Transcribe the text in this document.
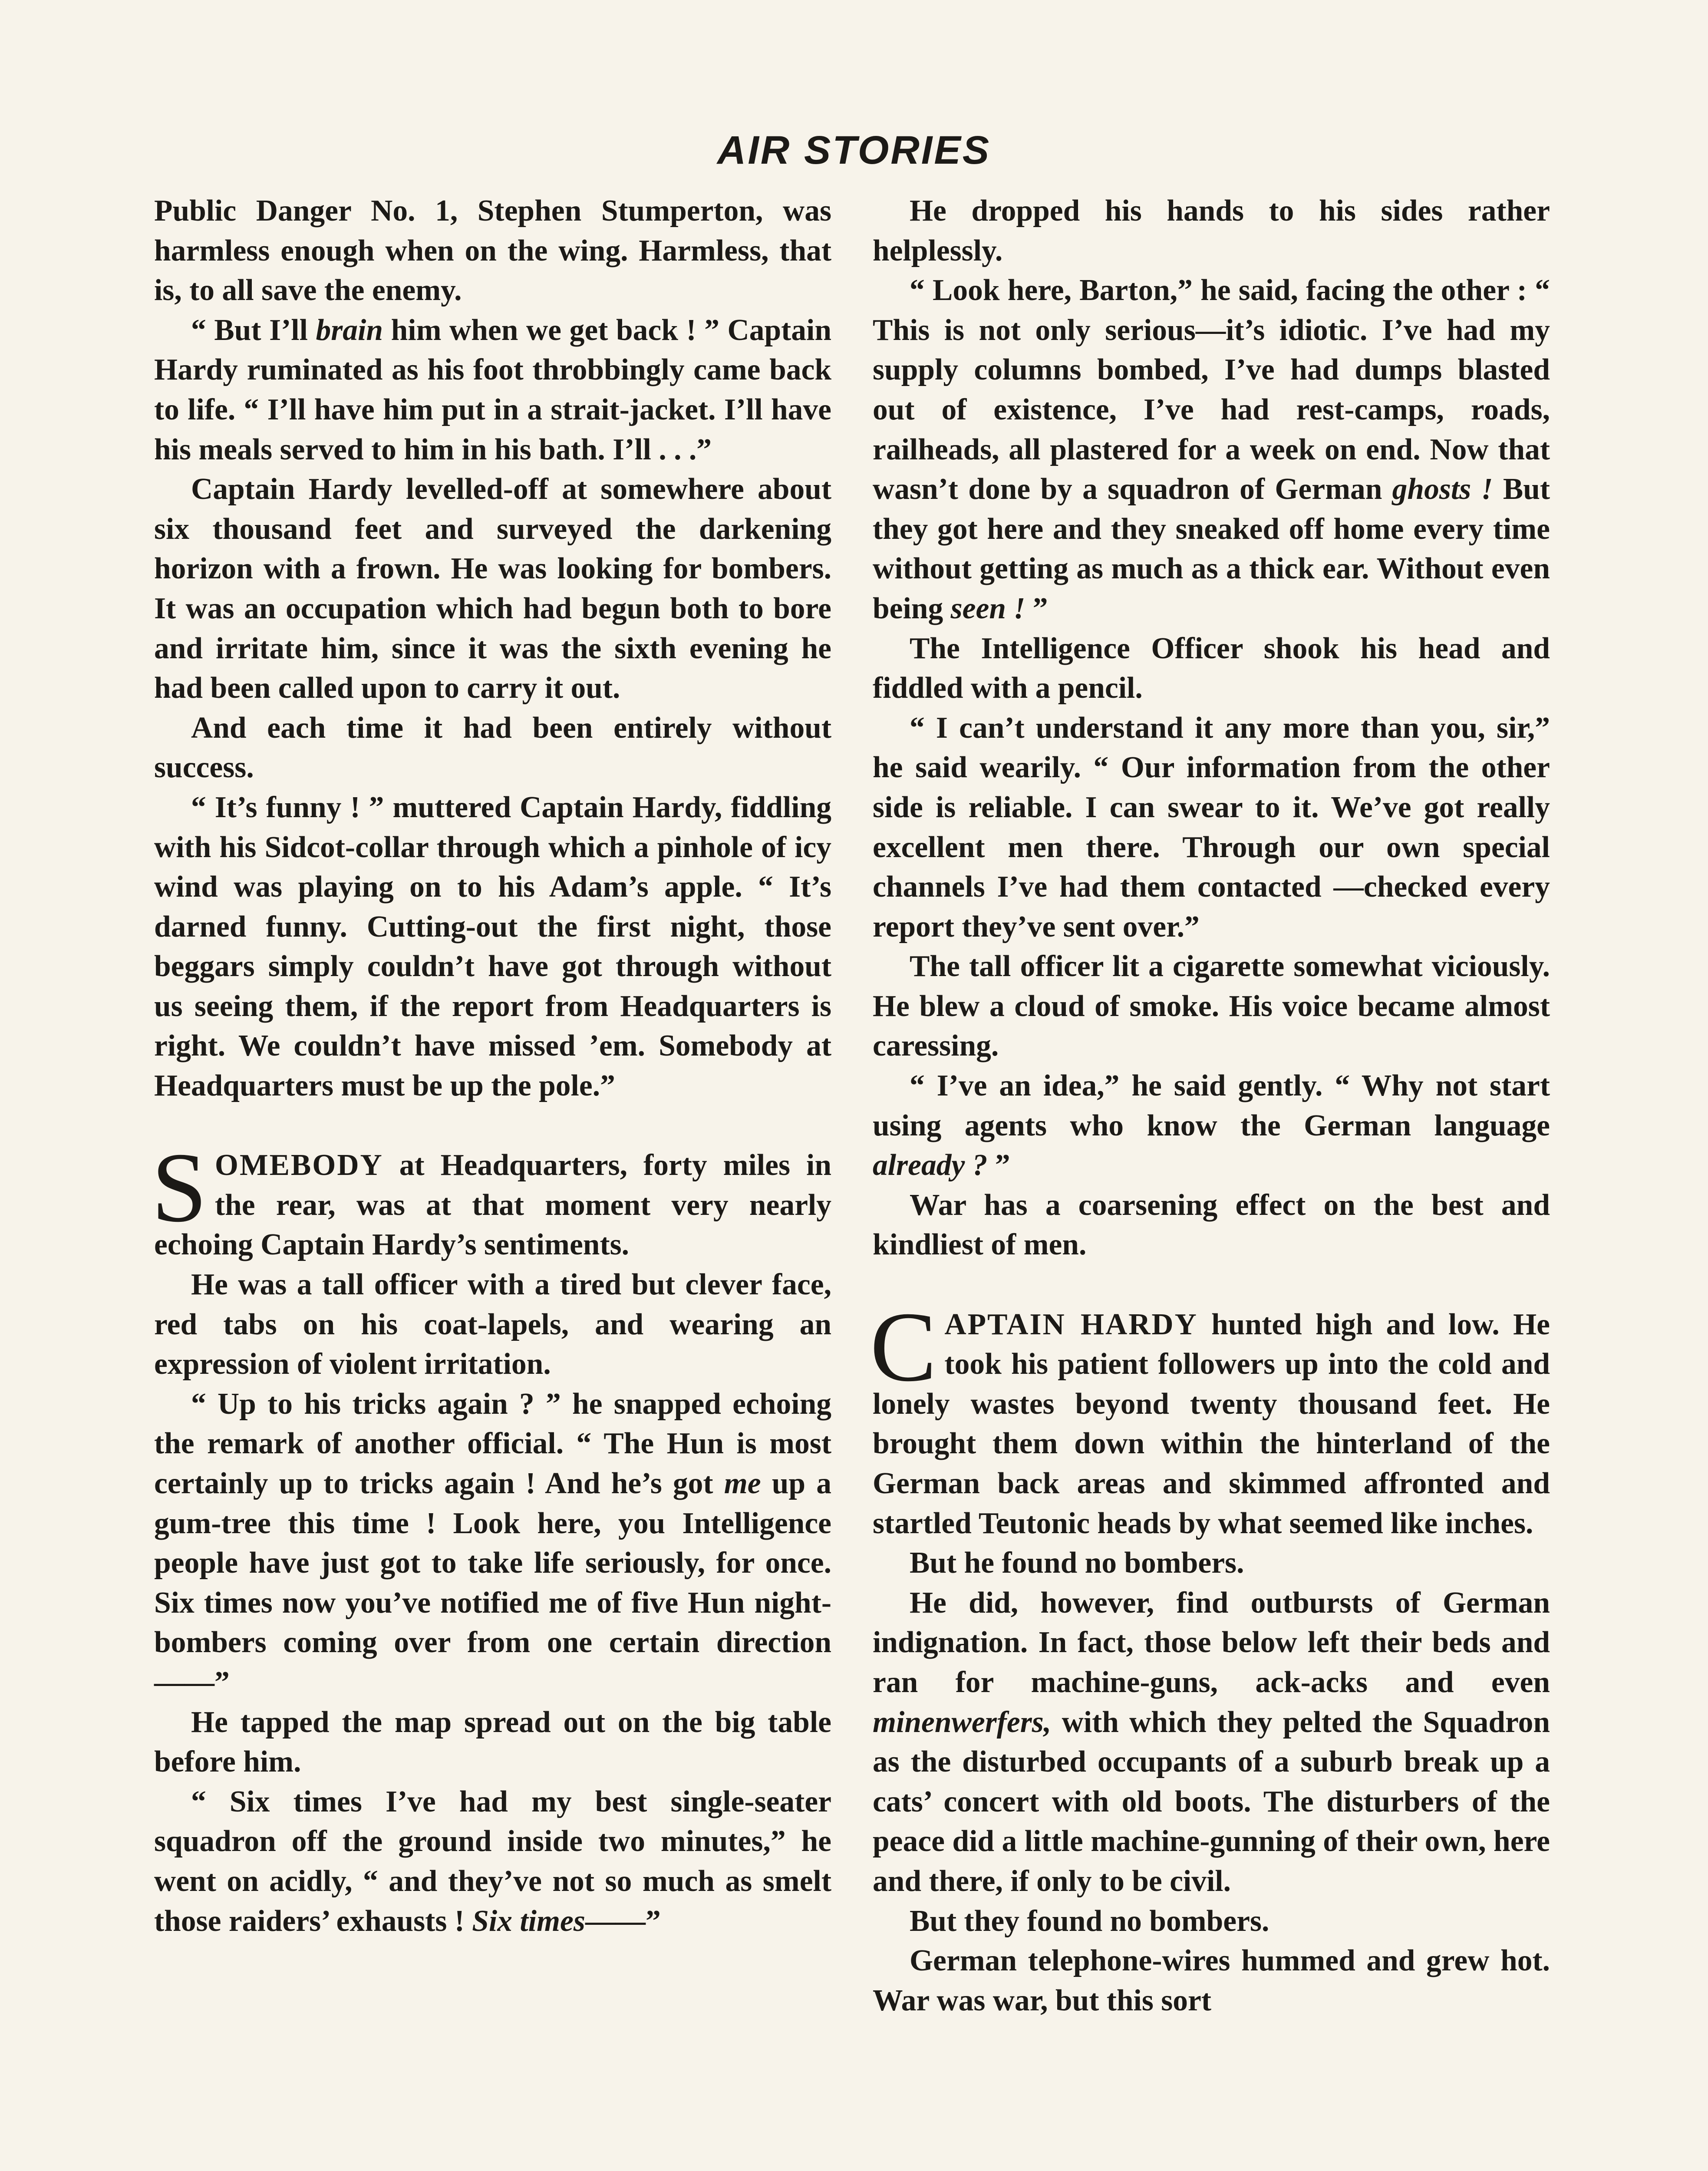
AIR STORIES

Public Danger No. 1, Stephen Stumperton, was harmless enough when on the wing. Harmless, that is, to all save the enemy.

“ But I’ll brain him when we get back ! ” Captain Hardy ruminated as his foot throbbingly came back to life. “ I’ll have him put in a strait-jacket. I’ll have his meals served to him in his bath. I’ll . . .”

Captain Hardy levelled-off at somewhere about six thousand feet and surveyed the darkening horizon with a frown. He was looking for bombers. It was an occupation which had begun both to bore and irritate him, since it was the sixth evening he had been called upon to carry it out.

And each time it had been entirely without success.

“ It’s funny ! ” muttered Captain Hardy, fiddling with his Sidcot-collar through which a pinhole of icy wind was playing on to his Adam’s apple. “ It’s darned funny. Cutting-out the first night, those beggars simply couldn’t have got through without us seeing them, if the report from Headquarters is right. We couldn’t have missed ’em. Somebody at Headquarters must be up the pole.”

SOMEBODY at Headquarters, forty miles in the rear, was at that moment very nearly echoing Captain Hardy’s sentiments.

He was a tall officer with a tired but clever face, red tabs on his coat-lapels, and wearing an expression of violent irritation.

“ Up to his tricks again ? ” he snapped echoing the remark of another official. “ The Hun is most certainly up to tricks again ! And he’s got me up a gum-tree this time ! Look here, you Intelligence people have just got to take life seriously, for once. Six times now you’ve notified me of five Hun night-bombers coming over from one certain direction——”

He tapped the map spread out on the big table before him.

“ Six times I’ve had my best single-seater squadron off the ground inside two minutes,” he went on acidly, “ and they’ve not so much as smelt those raiders’ exhausts ! Six times——”

He dropped his hands to his sides rather helplessly.

“ Look here, Barton,” he said, facing the other : “ This is not only serious—it’s idiotic. I’ve had my supply columns bombed, I’ve had dumps blasted out of existence, I’ve had rest-camps, roads, railheads, all plastered for a week on end. Now that wasn’t done by a squadron of German ghosts ! But they got here and they sneaked off home every time without getting as much as a thick ear. Without even being seen ! ”

The Intelligence Officer shook his head and fiddled with a pencil.

“ I can’t understand it any more than you, sir,” he said wearily. “ Our information from the other side is reliable. I can swear to it. We’ve got really excellent men there. Through our own special channels I’ve had them contacted —checked every report they’ve sent over.”

The tall officer lit a cigarette somewhat viciously. He blew a cloud of smoke. His voice became almost caressing.

“ I’ve an idea,” he said gently. “ Why not start using agents who know the German language already ? ”

War has a coarsening effect on the best and kindliest of men.

CAPTAIN HARDY hunted high and low. He took his patient followers up into the cold and lonely wastes beyond twenty thousand feet. He brought them down within the hinterland of the German back areas and skimmed affronted and startled Teutonic heads by what seemed like inches.

But he found no bombers.

He did, however, find outbursts of German indignation. In fact, those below left their beds and ran for machine-guns, ack-acks and even minenwerfers, with which they pelted the Squadron as the disturbed occupants of a suburb break up a cats’ concert with old boots. The disturbers of the peace did a little machine-gunning of their own, here and there, if only to be civil.

But they found no bombers.

German telephone-wires hummed and grew hot. War was war, but this sort
